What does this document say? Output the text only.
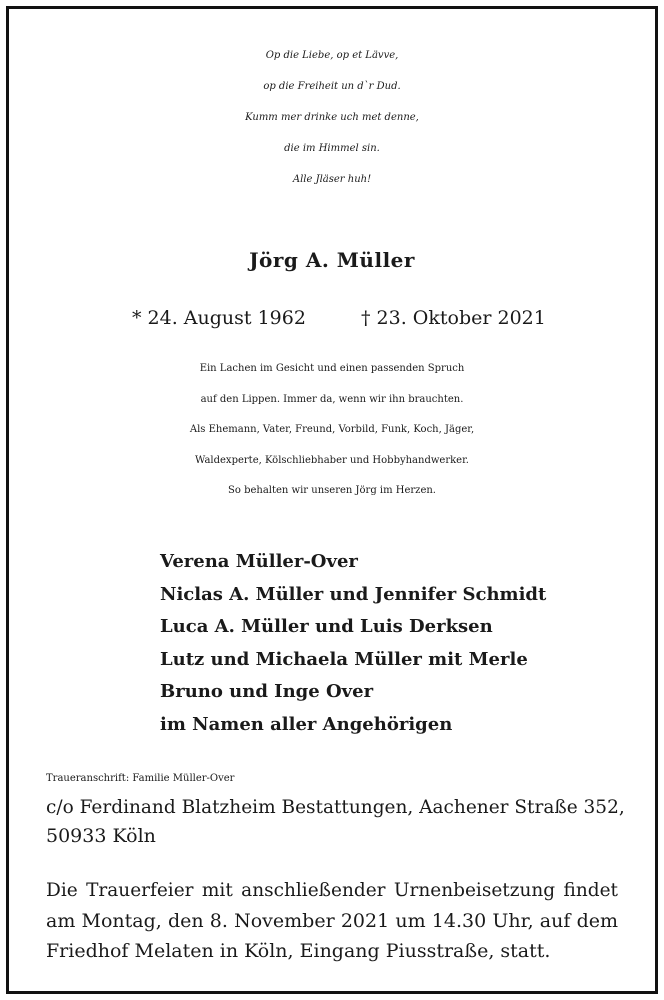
Op die Liebe, op et Lävve,
op die Freiheit un d`r Dud.
Kumm mer drinke uch met denne,
die im Himmel sin.
Alle Jläser huh!
Jörg A. Müller
* 24. August 1962	† 23. Oktober 2021
Ein Lachen im Gesicht und einen passenden Spruch
auf den Lippen. Immer da, wenn wir ihn brauchten.
Als Ehemann, Vater, Freund, Vorbild, Funk, Koch, Jäger,
Waldexperte, Kölschliebhaber und Hobbyhandwerker.
So behalten wir unseren Jörg im Herzen.
Verena Müller-Over
Niclas A. Müller und Jennifer Schmidt
Luca A. Müller und Luis Derksen
Lutz und Michaela Müller mit Merle
Bruno und Inge Over
im Namen aller Angehörigen
Traueranschrift: Familie Müller-Over
c/o Ferdinand Blatzheim Bestattungen, Aachener Straße 352,
50933 Köln
Die Trauerfeier mit anschließender Urnenbeisetzung findet
am Montag, den 8. November 2021 um 14.30 Uhr, auf dem
Friedhof Melaten in Köln, Eingang Piusstraße, statt.
